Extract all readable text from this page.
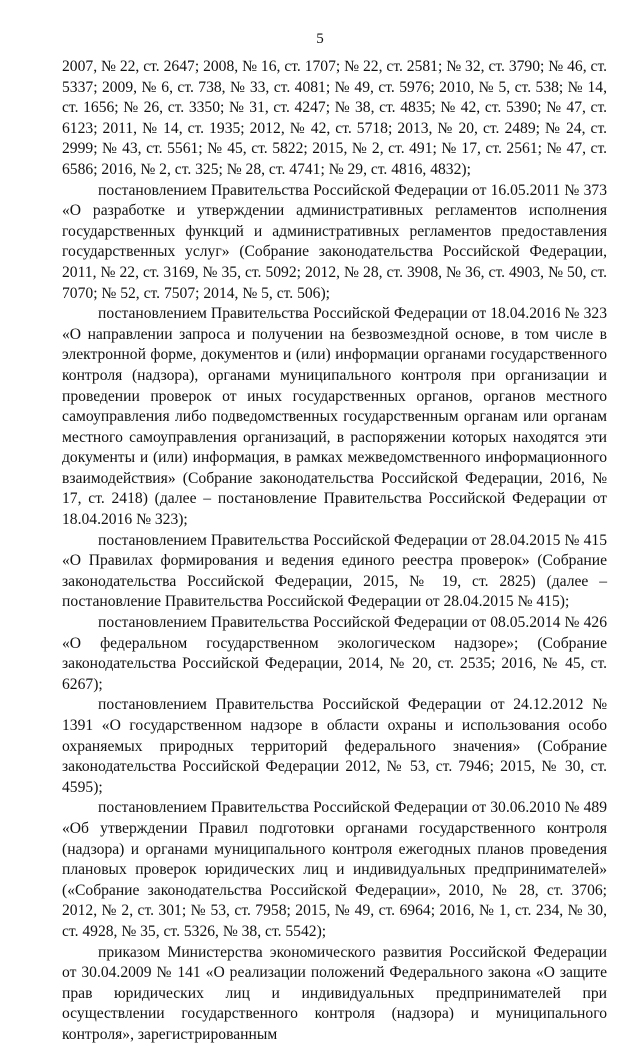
5

2007, № 22, ст. 2647; 2008, № 16, ст. 1707; № 22, ст. 2581; № 32, ст. 3790; № 46, ст. 5337; 2009, № 6, ст. 738, № 33, ст. 4081; № 49, ст. 5976; 2010, № 5, ст. 538; № 14, ст. 1656; № 26, ст. 3350; № 31, ст. 4247; № 38, ст. 4835; № 42, ст. 5390; № 47, ст. 6123; 2011, № 14, ст. 1935; 2012, № 42, ст. 5718; 2013, № 20, ст. 2489; № 24, ст. 2999; № 43, ст. 5561; № 45, ст. 5822; 2015, № 2, ст. 491; № 17, ст. 2561; № 47, ст. 6586; 2016, № 2, ст. 325; № 28, ст. 4741; № 29, ст. 4816, 4832);

постановлением Правительства Российской Федерации от 16.05.2011 № 373 «О разработке и утверждении административных регламентов исполнения государственных функций и административных регламентов предоставления государственных услуг» (Собрание законодательства Российской Федерации, 2011, № 22, ст. 3169, № 35, ст. 5092; 2012, № 28, ст. 3908, № 36, ст. 4903, № 50, ст. 7070; № 52, ст. 7507; 2014, № 5, ст. 506);

постановлением Правительства Российской Федерации от 18.04.2016 № 323 «О направлении запроса и получении на безвозмездной основе, в том числе в электронной форме, документов и (или) информации органами государственного контроля (надзора), органами муниципального контроля при организации и проведении проверок от иных государственных органов, органов местного самоуправления либо подведомственных государственным органам или органам местного самоуправления организаций, в распоряжении которых находятся эти документы и (или) информация, в рамках межведомственного информационного взаимодействия» (Собрание законодательства Российской Федерации, 2016, № 17, ст. 2418) (далее – постановление Правительства Российской Федерации от 18.04.2016 № 323);

постановлением Правительства Российской Федерации от 28.04.2015 № 415 «О Правилах формирования и ведения единого реестра проверок» (Собрание законодательства Российской Федерации, 2015, № 19, ст. 2825) (далее – постановление Правительства Российской Федерации от 28.04.2015 № 415);

постановлением Правительства Российской Федерации от 08.05.2014 № 426 «О федеральном государственном экологическом надзоре»; (Собрание законодательства Российской Федерации, 2014, № 20, ст. 2535; 2016, № 45, ст. 6267);

постановлением Правительства Российской Федерации от 24.12.2012 № 1391 «О государственном надзоре в области охраны и использования особо охраняемых природных территорий федерального значения» (Собрание законодательства Российской Федерации 2012, № 53, ст. 7946; 2015, № 30, ст. 4595);

постановлением Правительства Российской Федерации от 30.06.2010 № 489 «Об утверждении Правил подготовки органами государственного контроля (надзора) и органами муниципального контроля ежегодных планов проведения плановых проверок юридических лиц и индивидуальных предпринимателей» («Собрание законодательства Российской Федерации», 2010, № 28, ст. 3706; 2012, № 2, ст. 301; № 53, ст. 7958; 2015, № 49, ст. 6964; 2016, № 1, ст. 234, № 30, ст. 4928, № 35, ст. 5326, № 38, ст. 5542);

приказом Министерства экономического развития Российской Федерации от 30.04.2009 № 141 «О реализации положений Федерального закона «О защите прав юридических лиц и индивидуальных предпринимателей при осуществлении государственного контроля (надзора) и муниципального контроля», зарегистрированным
